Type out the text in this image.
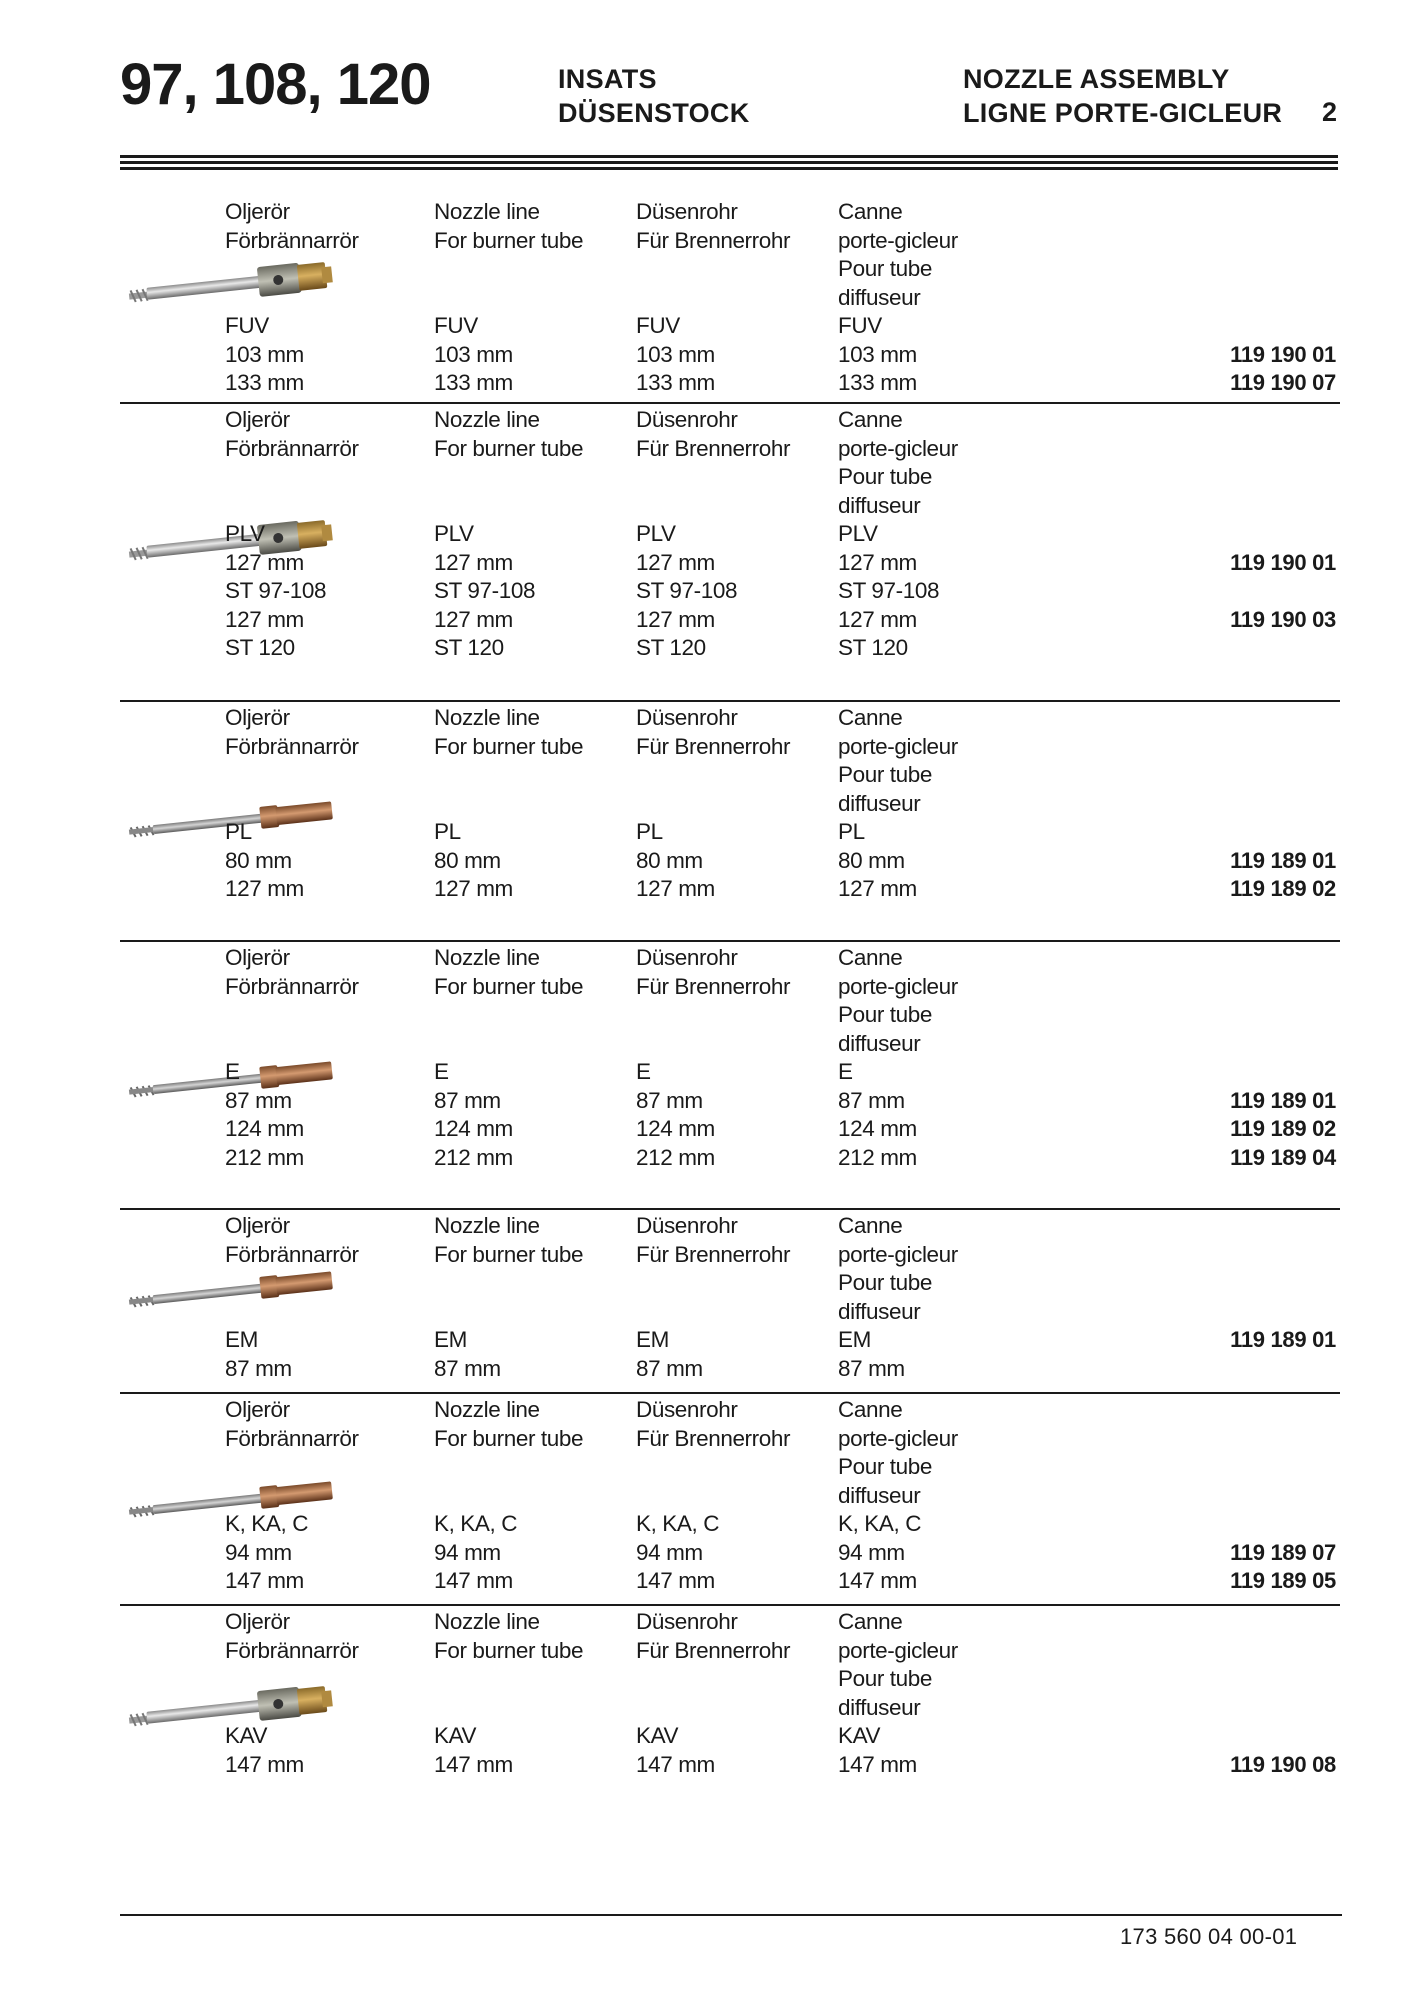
97, 108, 120	INSATS
DÜSENSTOCK
NOZZLE ASSEMBLY
LIGNE PORTE-GICLEUR 2
Oljerör
Förbrännarrör

FUV
103 mm
133 mm
Nozzle line
For burner tube

FUV
103 mm
133 mm
Düsenrohr
Für Brennerrohr

FUV
103 mm
133 mm
Canne
porte-gicleur
Pour tube
diffuseur
FUV
103 mm
133 mm

119 190 01
119 190 07
Oljerör
Förbrännarrör

PLV
127 mm
ST 97-108
127 mm
ST 120
Nozzle line
For burner tube

PLV
127 mm
ST 97-108
127 mm
ST 120
Düsenrohr
Für Brennerrohr

PLV
127 mm
ST 97-108
127 mm
ST 120
Canne
porte-gicleur
Pour tube
diffuseur
PLV
127 mm
ST 97-108
127 mm
ST 120

119 190 01

119 190 03

Oljerör
Förbrännarrör

PL
80 mm
127 mm
Nozzle line
For burner tube

PL
80 mm
127 mm
Düsenrohr
Für Brennerrohr

PL
80 mm
127 mm
Canne
porte-gicleur
Pour tube
diffuseur
PL
80 mm
127 mm

119 189 01
119 189 02
Oljerör
Förbrännarrör

E
87 mm
124 mm
212 mm
Nozzle line
For burner tube

E
87 mm
124 mm
212 mm
Düsenrohr
Für Brennerrohr

E
87 mm
124 mm
212 mm
Canne
porte-gicleur
Pour tube
diffuseur
E
87 mm
124 mm
212 mm

119 189 01
119 189 02
119 189 04
Oljerör
Förbrännarrör

EM
87 mm
Nozzle line
For burner tube

EM
87 mm
Düsenrohr
Für Brennerrohr

EM
87 mm
Canne
porte-gicleur
Pour tube
diffuseur
EM
87 mm

119 189 01

Oljerör
Förbrännarrör

K, KA, C
94 mm
147 mm
Nozzle line
For burner tube

K, KA, C
94 mm
147 mm
Düsenrohr
Für Brennerrohr

K, KA, C
94 mm
147 mm
Canne
porte-gicleur
Pour tube
diffuseur
K, KA, C
94 mm
147 mm

119 189 07
119 189 05
Oljerör
Förbrännarrör

KAV
147 mm
Nozzle line
For burner tube

KAV
147 mm
Düsenrohr
Für Brennerrohr

KAV
147 mm
Canne
porte-gicleur
Pour tube
diffuseur
KAV
147 mm

	119 190 08
173 560 04 00-01
